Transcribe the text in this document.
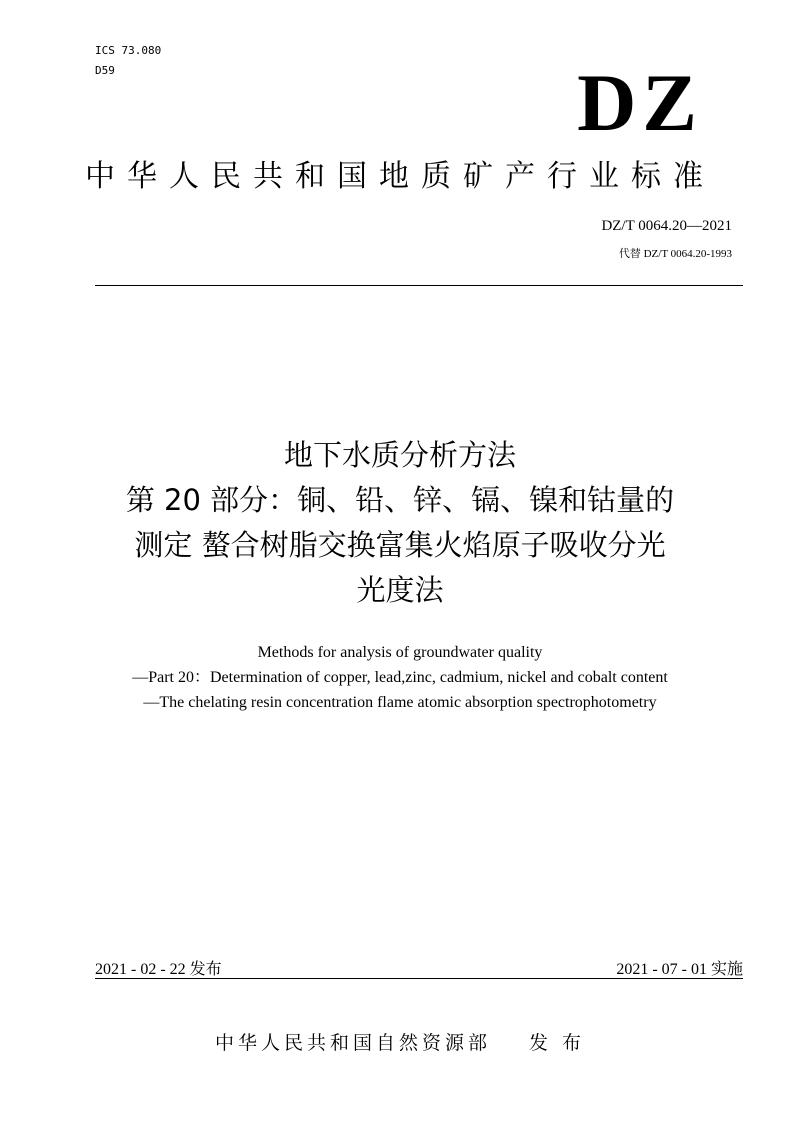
ICS 73.080
D59	DZ
中华人民共和国地质矿产行业标准
DZ/T 0064.20—2021
代替 DZ/T 0064.20-1993
地下水质分析方法
第 20 部分：铜、铅、锌、镉、镍和钴量的
测定 螯合树脂交换富集火焰原子吸收分光
光度法
Methods for analysis of groundwater quality
—Part 20：Determination of copper, lead,zinc, cadmium, nickel and cobalt content
—The chelating resin concentration flame atomic absorption spectrophotometry
2021 - 02 - 22 发布	2021 - 07 - 01 实施
中华人民共和国自然资源部 发 布
